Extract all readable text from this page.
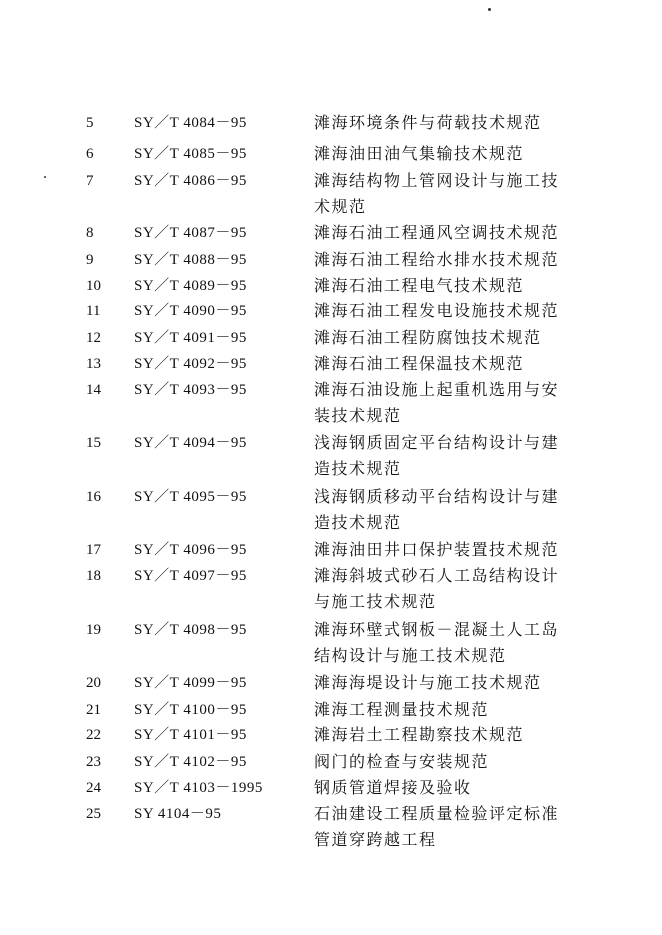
5	SY／T 4084－95	滩海环境条件与荷载技术规范
6	SY／T 4085－95	滩海油田油气集输技术规范
7	SY／T 4086－95	滩海结构物上管网设计与施工技
术规范
8	SY／T 4087－95	滩海石油工程通风空调技术规范
9	SY／T 4088－95	滩海石油工程给水排水技术规范
10	SY／T 4089－95	滩海石油工程电气技术规范
11	SY／T 4090－95	滩海石油工程发电设施技术规范
12	SY／T 4091－95	滩海石油工程防腐蚀技术规范
13	SY／T 4092－95	滩海石油工程保温技术规范
14	SY／T 4093－95	滩海石油设施上起重机选用与安
装技术规范
15	SY／T 4094－95	浅海钢质固定平台结构设计与建
造技术规范
16	SY／T 4095－95	浅海钢质移动平台结构设计与建
造技术规范
17	SY／T 4096－95	滩海油田井口保护装置技术规范
18	SY／T 4097－95	滩海斜坡式砂石人工岛结构设计
与施工技术规范
19	SY／T 4098－95	滩海环壁式钢板－混凝土人工岛
结构设计与施工技术规范
20	SY／T 4099－95	滩海海堤设计与施工技术规范
21	SY／T 4100－95	滩海工程测量技术规范
22	SY／T 4101－95	滩海岩土工程勘察技术规范
23	SY／T 4102－95	阀门的检查与安装规范
24	SY／T 4103－1995	钢质管道焊接及验收
25	SY 4104－95	石油建设工程质量检验评定标准
管道穿跨越工程
